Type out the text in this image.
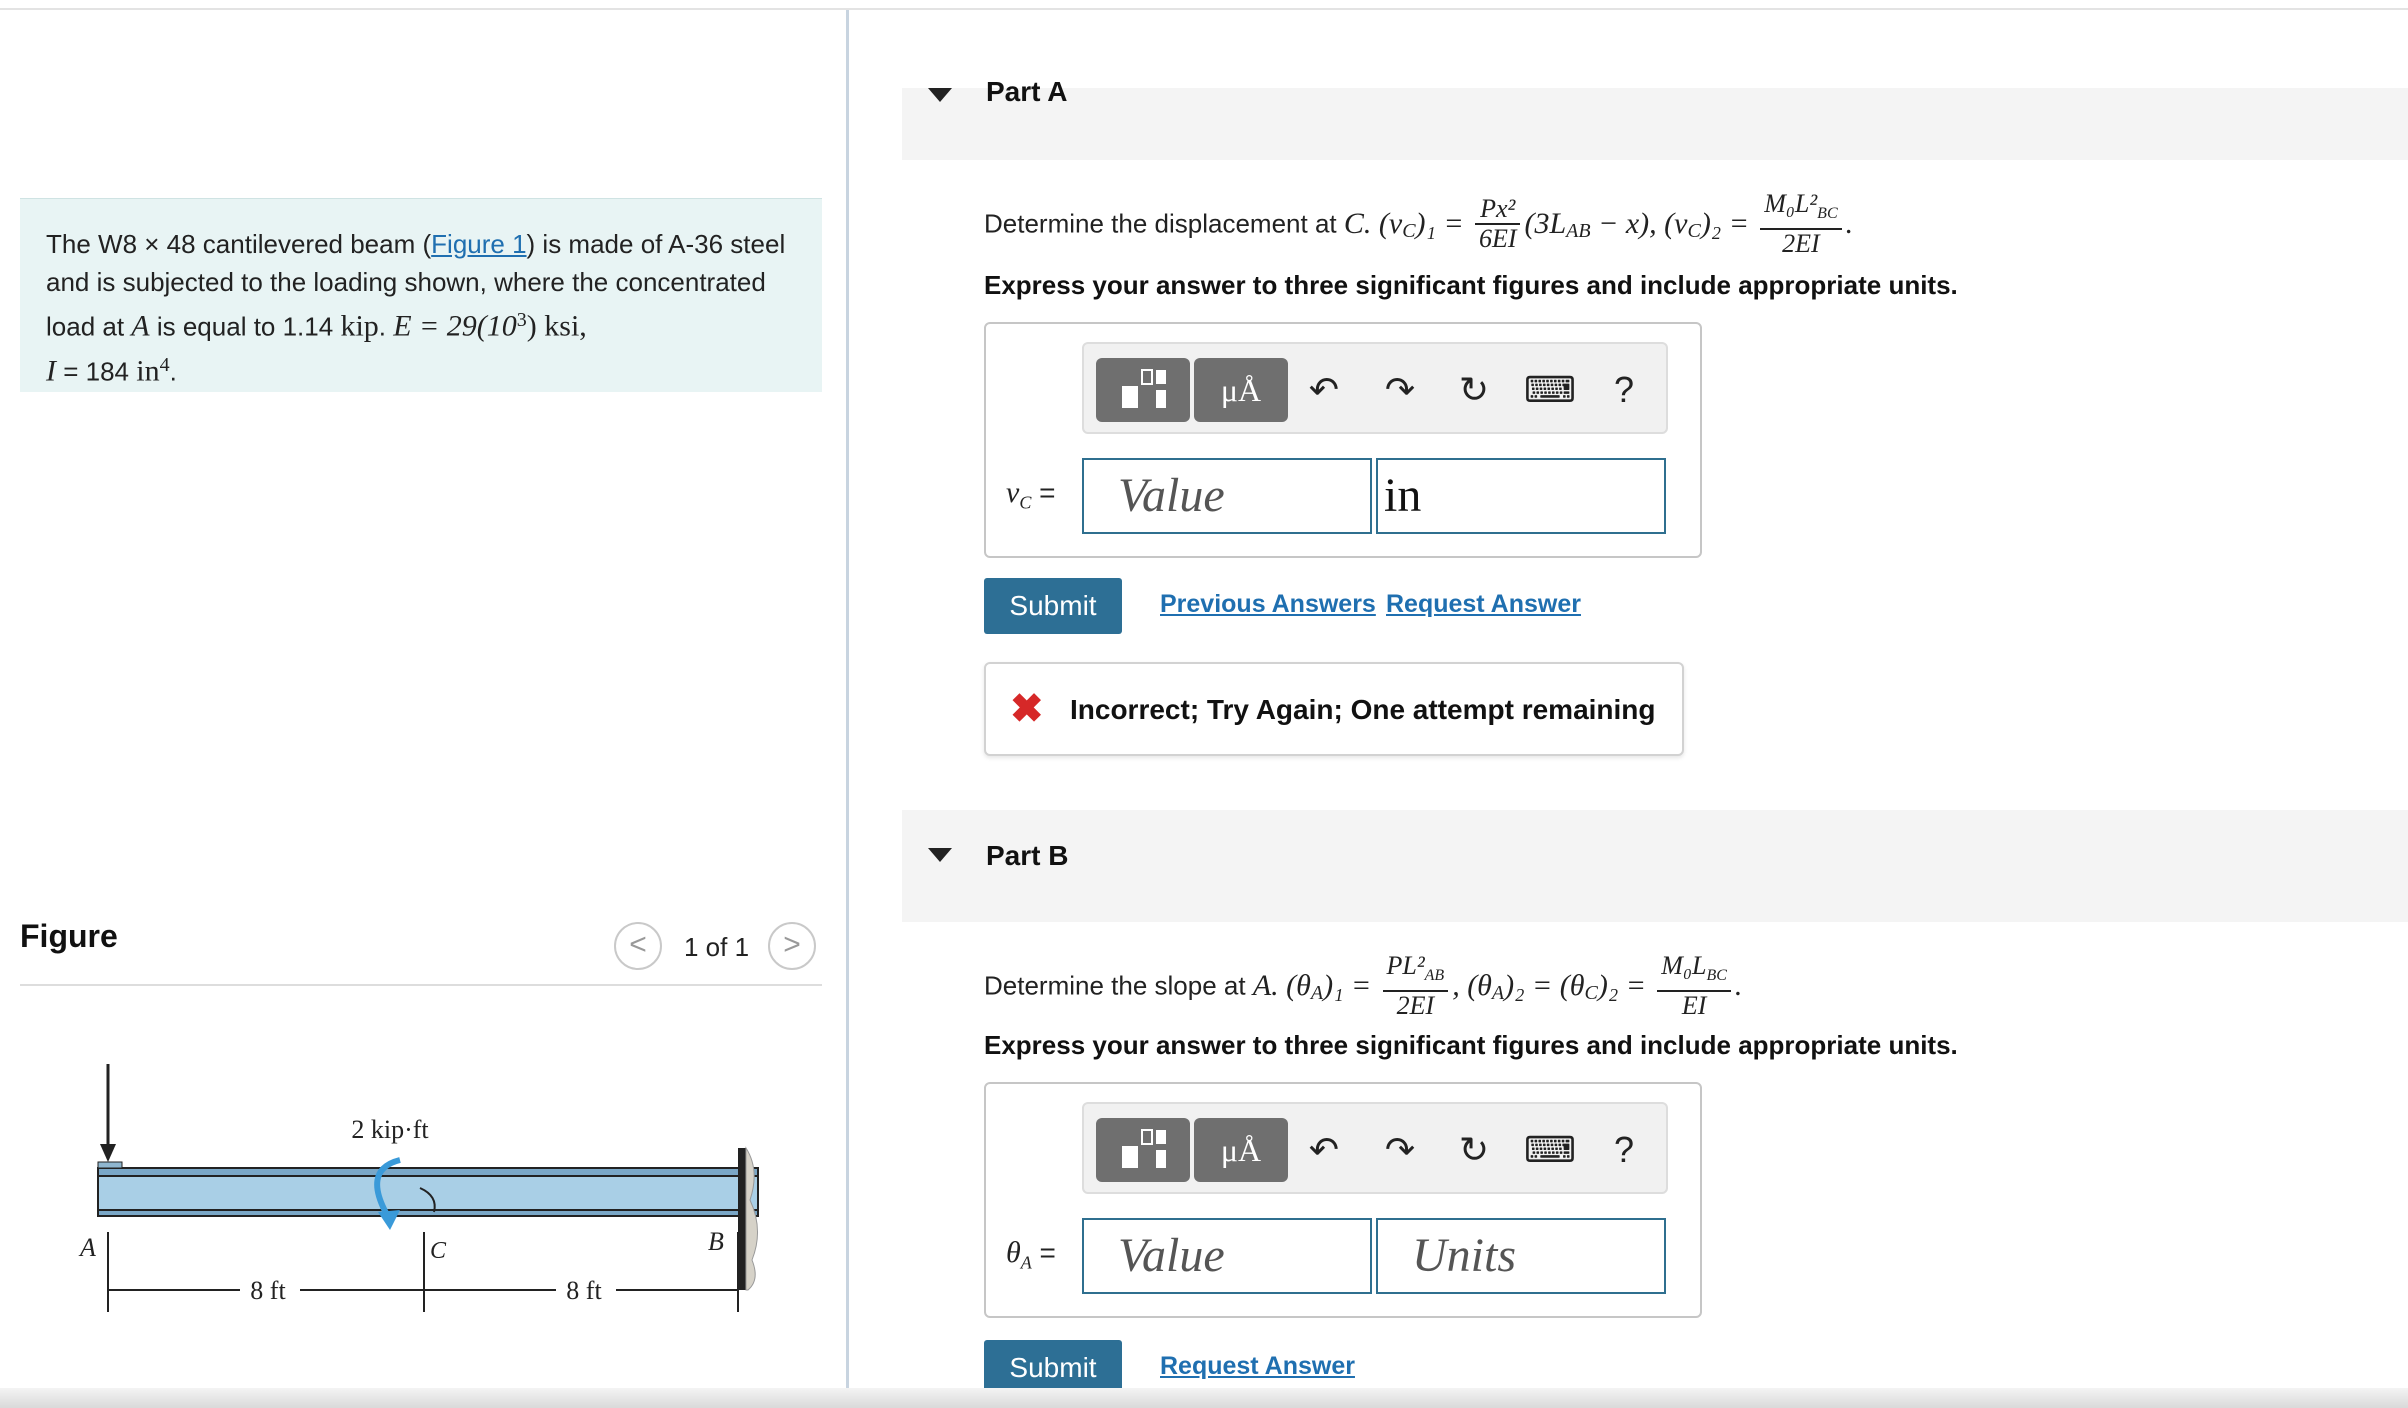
The W8 × 48 cantilevered beam (Figure 1) is made of A-36 steel and is subjected to the loading shown, where the concentrated load at A is equal to 1.14 kip. $E = 29(10^3)$ ksi,
I = 184 $in^4$.
Figure	<	1 of 1	>
2 kip·ft
A	B
C
8 ft	8 ft
Part A
Determine the displacement at C. $(v_C)_1 = \frac{\text{Px²}}{6EI} (3L_{AB} - x)$, $(v_C)_2 = \frac{M_0L^2_{BC}}{2EI}$ .
Express your answer to three significant figures and include appropriate units.
μÅ	↶	↷	↻ ⌨	?
$v_C$ =	Value	in
Submit	Previous Answers Request Answer
✖ Incorrect; Try Again; One attempt remaining
Part B
Determine the slope at A. $(\theta_A)_1 = \frac{PL^2_{AB}}{2EI}$ , $(\theta_A)_2 = (\theta_C)_2 = \frac{M_0L_{BC}}{EI}$ .
Express your answer to three significant figures and include appropriate units.
μÅ	↶	↷	↻ ⌨	?
$\theta_A$ =	Value	Units
Submit	Request Answer
